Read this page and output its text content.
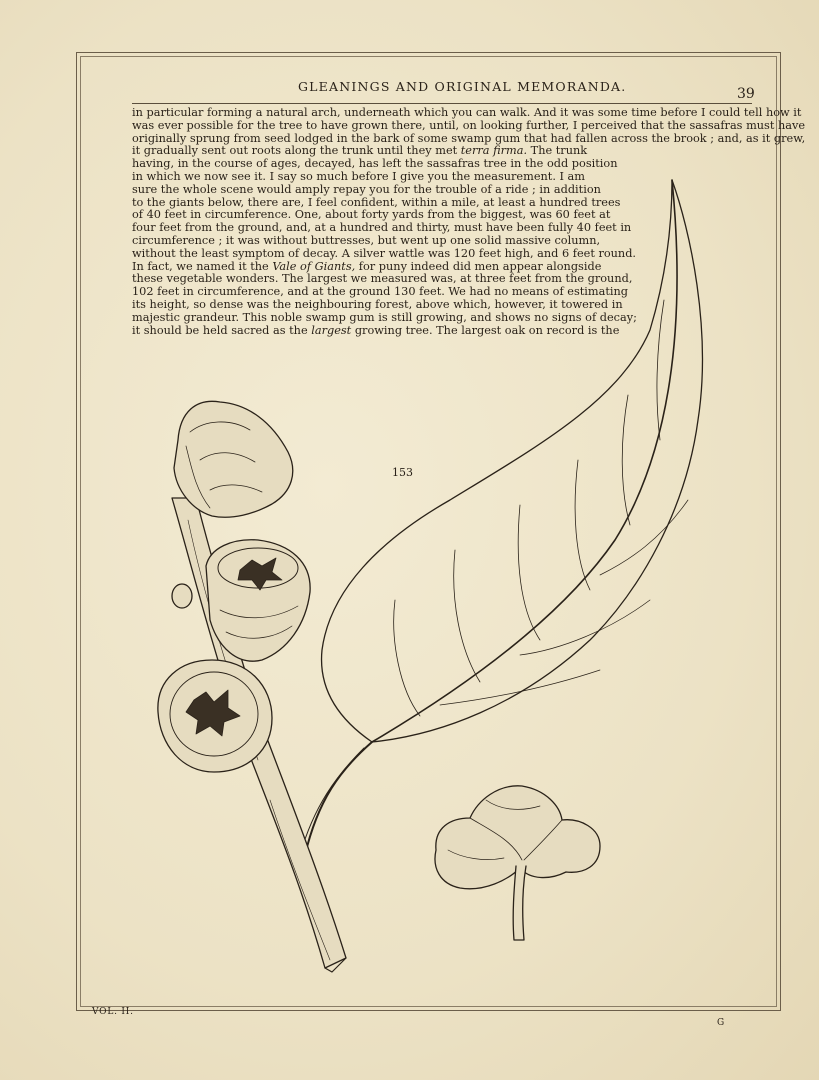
GLEANINGS AND ORIGINAL MEMORANDA.	39
in particular forming a natural arch, underneath which you can walk. And it was some time before I could tell how it
was ever possible for the tree to have grown there, until, on looking further, I perceived that the sassafras must have
originally sprung from seed lodged in the bark of some swamp gum that had fallen across the brook ; and, as it grew,
it gradually sent out roots along the trunk until they met terra firma. The trunk
having, in the course of ages, decayed, has left the sassafras tree in the odd position
in which we now see it. I say so much before I give you the measurement. I am
sure the whole scene would amply repay you for the trouble of a ride ; in addition
to the giants below, there are, I feel confident, within a mile, at least a hundred trees
of 40 feet in circumference. One, about forty yards from the biggest, was 60 feet at
four feet from the ground, and, at a hundred and thirty, must have been fully 40 feet in
circumference ; it was without buttresses, but went up one solid massive column,
without the least symptom of decay. A silver wattle was 120 feet high, and 6 feet round.
In fact, we named it the Vale of Giants, for puny indeed did men appear alongside
these vegetable wonders. The largest we measured was, at three feet from the ground,
102 feet in circumference, and at the ground 130 feet. We had no means of estimating
its height, so dense was the neighbouring forest, above which, however, it towered in
majestic grandeur. This noble swamp gum is still growing, and shows no signs of decay;
it should be held sacred as the largest growing tree. The largest oak on record is the
153
VOL. II.
G
